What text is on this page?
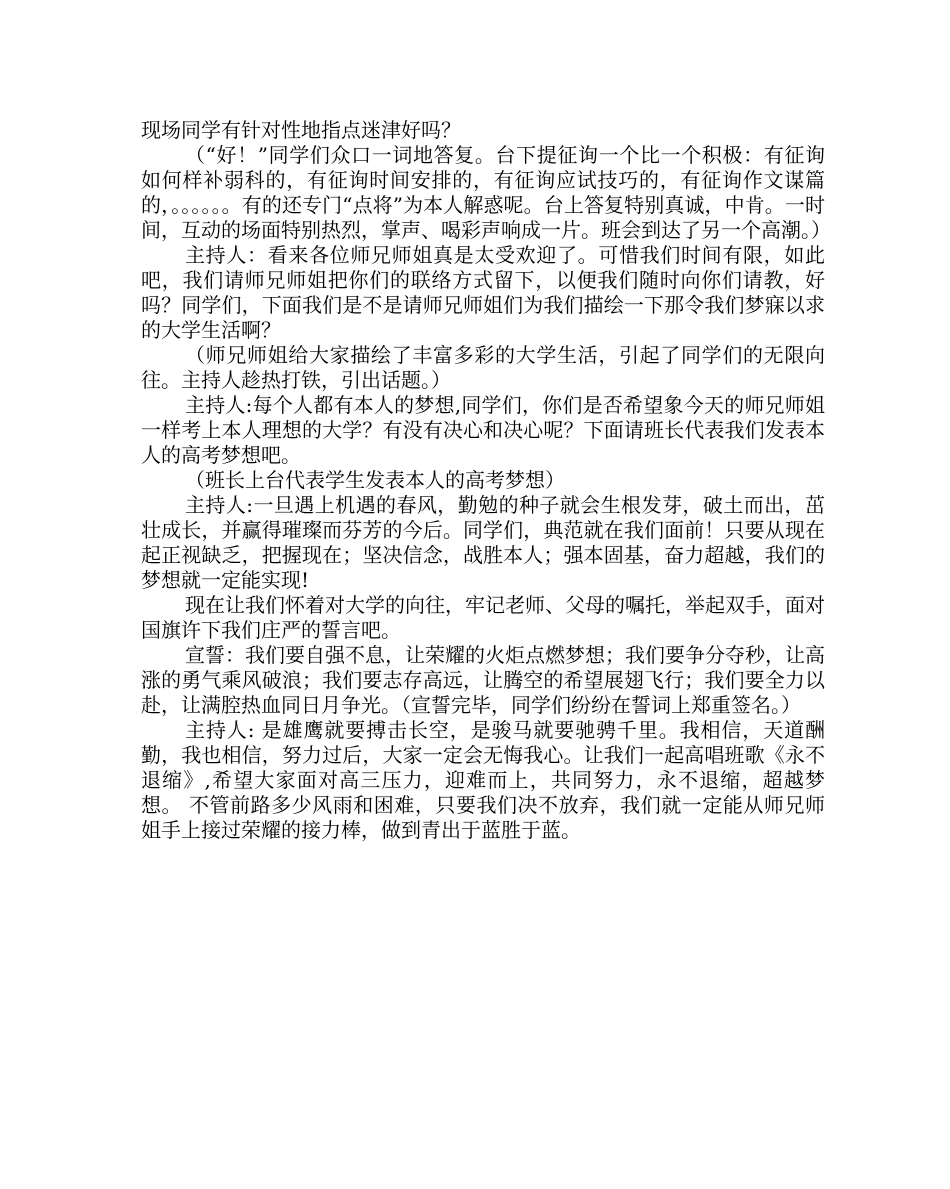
现场同学有针对性地指点迷津好吗？

（“好！”同学们众口一词地答复。台下提征询一个比一个积极：有征询如何样补弱科的，有征询时间安排的，有征询应试技巧的，有征询作文谋篇的，。。。。。。有的还专门“点将”为本人解惑呢。台上答复特别真诚，中肯。一时间，互动的场面特别热烈，掌声、喝彩声响成一片。班会到达了另一个高潮。）

主持人：看来各位师兄师姐真是太受欢迎了。可惜我们时间有限，如此吧，我们请师兄师姐把你们的联络方式留下，以便我们随时向你们请教，好吗？同学们，下面我们是不是请师兄师姐们为我们描绘一下那令我们梦寐以求的大学生活啊？

（师兄师姐给大家描绘了丰富多彩的大学生活，引起了同学们的无限向往。主持人趁热打铁，引出话题。）

主持人:每个人都有本人的梦想,同学们，你们是否希望象今天的师兄师姐一样考上本人理想的大学？有没有决心和决心呢？下面请班长代表我们发表本人的高考梦想吧。

（班长上台代表学生发表本人的高考梦想）

主持人:一旦遇上机遇的春风，勤勉的种子就会生根发芽，破土而出，茁壮成长，并赢得璀璨而芬芳的今后。同学们，典范就在我们面前！只要从现在起正视缺乏，把握现在；坚决信念，战胜本人；强本固基，奋力超越，我们的梦想就一定能实现!

现在让我们怀着对大学的向往，牢记老师、父母的嘱托，举起双手，面对国旗许下我们庄严的誓言吧。

宣誓：我们要自强不息，让荣耀的火炬点燃梦想；我们要争分夺秒，让高涨的勇气乘风破浪；我们要志存高远，让腾空的希望展翅飞行；我们要全力以赴，让满腔热血同日月争光。（宣誓完毕，同学们纷纷在誓词上郑重签名。）

主持人: 是雄鹰就要搏击长空，是骏马就要驰骋千里。我相信，天道酬勤，我也相信，努力过后，大家一定会无悔我心。让我们一起高唱班歌《永不退缩》,希望大家面对高三压力，迎难而上，共同努力，永不退缩，超越梦想。 不管前路多少风雨和困难，只要我们决不放弃，我们就一定能从师兄师姐手上接过荣耀的接力棒，做到青出于蓝胜于蓝。
